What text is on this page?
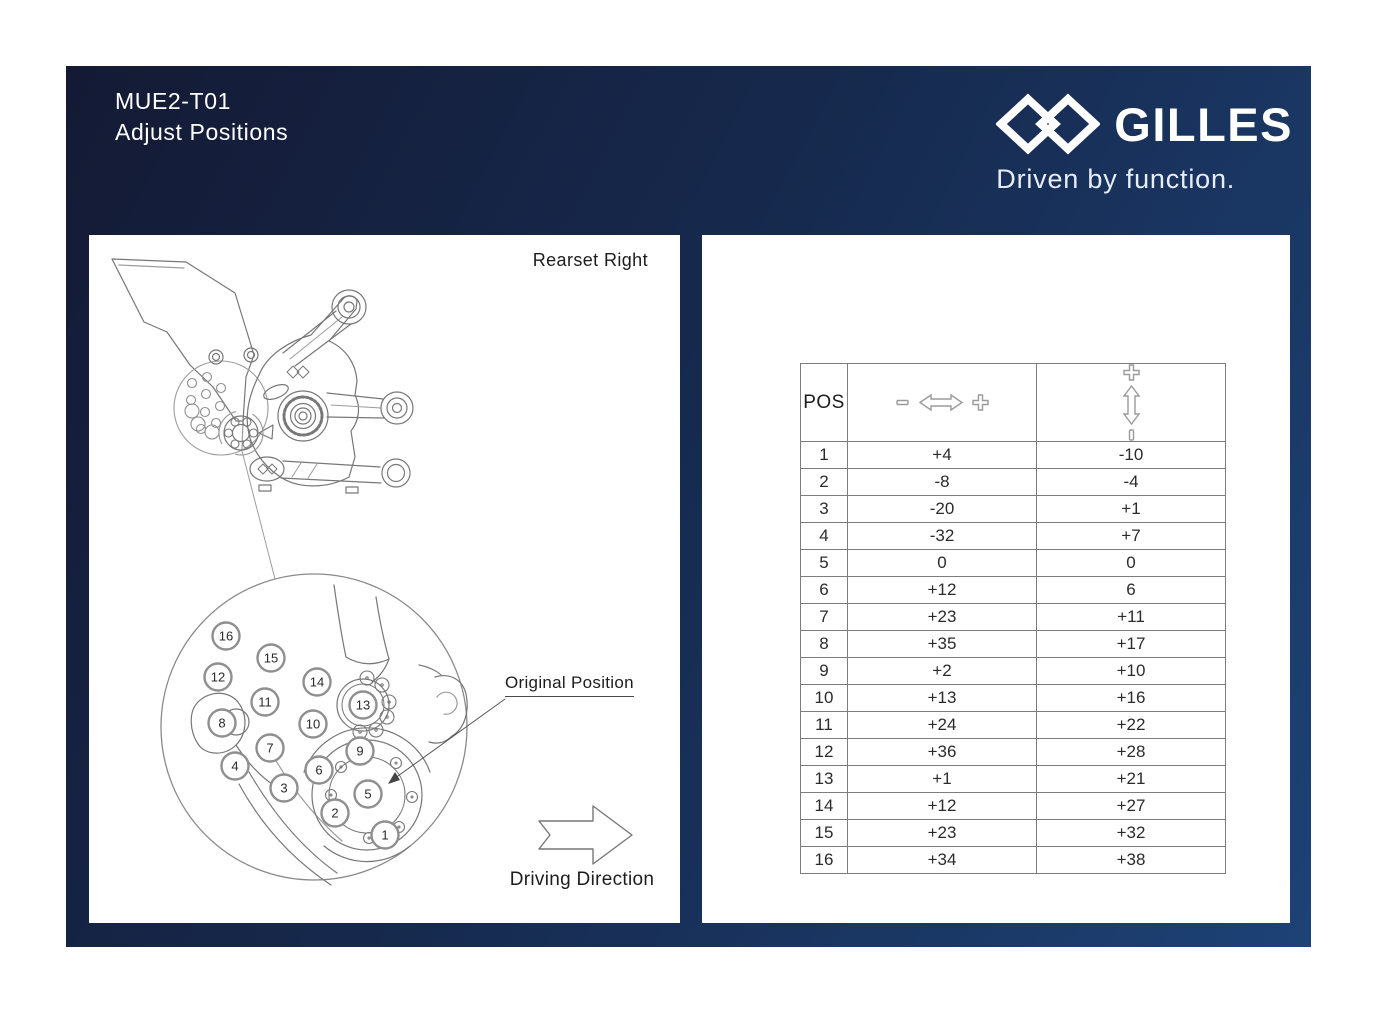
MUE2-T01
Adjust Positions	GILLES
Driven by function.
1
2
3
4
5
6
7
8
9
10
11
12
13
14
15
16
Rearset Right
Original Position
Driving Direction
POS	

1	+4	-10
2	-8	-4
3	-20	+1
4	-32	+7
5	0	0
6	+12	6
7	+23	+11
8	+35	+17
9	+2	+10
10	+13	+16
11	+24	+22
12	+36	+28
13	+1	+21
14	+12	+27
15	+23	+32
16	+34	+38
